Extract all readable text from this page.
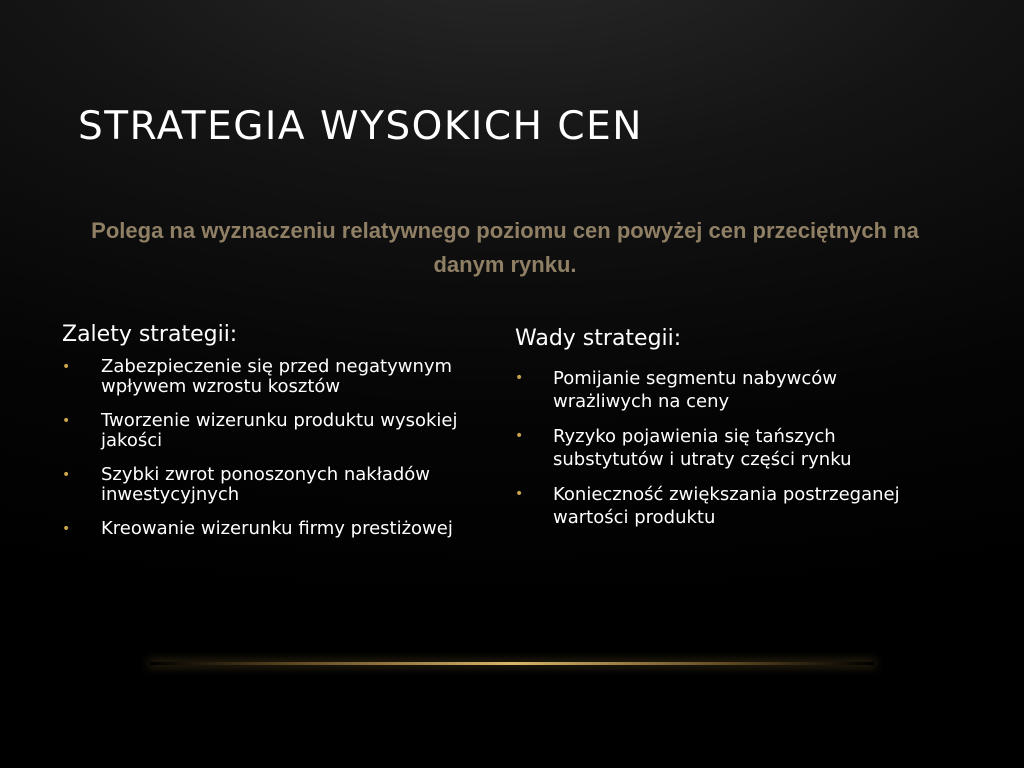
STRATEGIA WYSOKICH CEN

Polega na wyznaczeniu relatywnego poziomu cen powyżej cen przeciętnych na danym rynku.

Zalety strategii:
• Zabezpieczenie się przed negatywnym wpływem wzrostu kosztów
• Tworzenie wizerunku produktu wysokiej jakości
• Szybki zwrot ponoszonych nakładów inwestycyjnych
• Kreowanie wizerunku firmy prestiżowej
Wady strategii:
• Pomijanie segmentu nabywców wrażliwych na ceny
• Ryzyko pojawienia się tańszych substytutów i utraty części rynku
• Konieczność zwiększania postrzeganej wartości produktu
